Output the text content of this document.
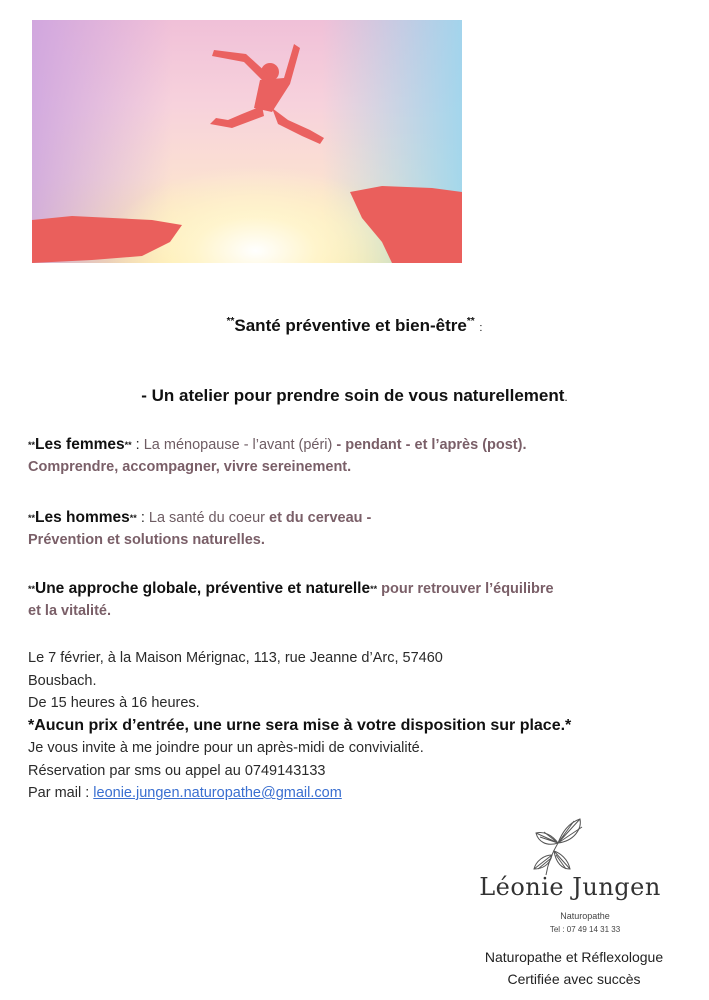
**Santé préventive et bien-être** :
- Un atelier pour prendre soin de vous naturellement.
**Les femmes** : La ménopause - l’avant (péri) - pendant - et l’après (post).
Comprendre, accompagner, vivre sereinement.
**Les hommes** : La santé du coeur et du cerveau -
Prévention et solutions naturelles.
**Une approche globale, préventive et naturelle** pour retrouver l’équilibre
et la vitalité.
Le 7 février, à la Maison Mérignac, 113, rue Jeanne d’Arc, 57460
Bousbach.
De 15 heures à 16 heures.
*Aucun prix d’entrée, une urne sera mise à votre disposition sur place.*
Je vous invite à me joindre pour un après-midi de convivialité.
Réservation par sms ou appel au 0749143133
Par mail : leonie.jungen.naturopathe@gmail.com
Léonie Jungen
Naturopathe
Tel : 07 49 14 31 33
Naturopathe et Réflexologue
Certifiée avec succès
